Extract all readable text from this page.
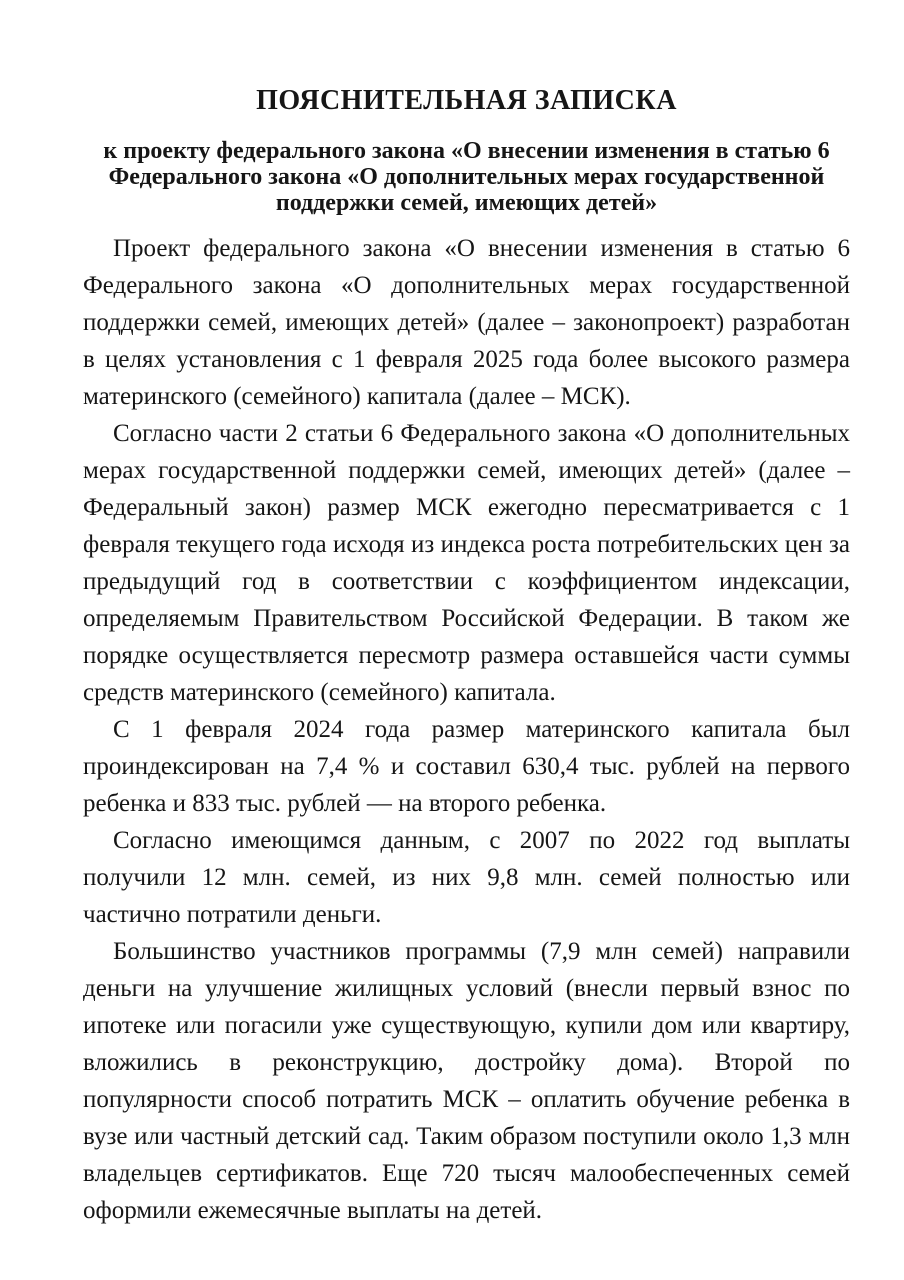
ПОЯСНИТЕЛЬНАЯ ЗАПИСКА
к проекту федерального закона «О внесении изменения в статью 6 Федерального закона «О дополнительных мерах государственной поддержки семей, имеющих детей»

Проект федерального закона «О внесении изменения в статью 6 Федерального закона «О дополнительных мерах государственной поддержки семей, имеющих детей» (далее – законопроект) разработан в целях установления с 1 февраля 2025 года более высокого размера материнского (семейного) капитала (далее – МСК).

Согласно части 2 статьи 6 Федерального закона «О дополнительных мерах государственной поддержки семей, имеющих детей» (далее – Федеральный закон) размер МСК ежегодно пересматривается с 1 февраля текущего года исходя из индекса роста потребительских цен за предыдущий год в соответствии с коэффициентом индексации, определяемым Правительством Российской Федерации. В таком же порядке осуществляется пересмотр размера оставшейся части суммы средств материнского (семейного) капитала.

С 1 февраля 2024 года размер материнского капитала был проиндексирован на 7,4 % и составил 630,4 тыс. рублей на первого ребенка и 833 тыс. рублей — на второго ребенка.

Согласно имеющимся данным, с 2007 по 2022 год выплаты получили 12 млн. семей, из них 9,8 млн. семей полностью или частично потратили деньги.

Большинство участников программы (7,9 млн семей) направили деньги на улучшение жилищных условий (внесли первый взнос по ипотеке или погасили уже существующую, купили дом или квартиру, вложились в реконструкцию, достройку дома). Второй по популярности способ потратить МСК – оплатить обучение ребенка в вузе или частный детский сад. Таким образом поступили около 1,3 млн владельцев сертификатов. Еще 720 тысяч малообеспеченных семей оформили ежемесячные выплаты на детей.
